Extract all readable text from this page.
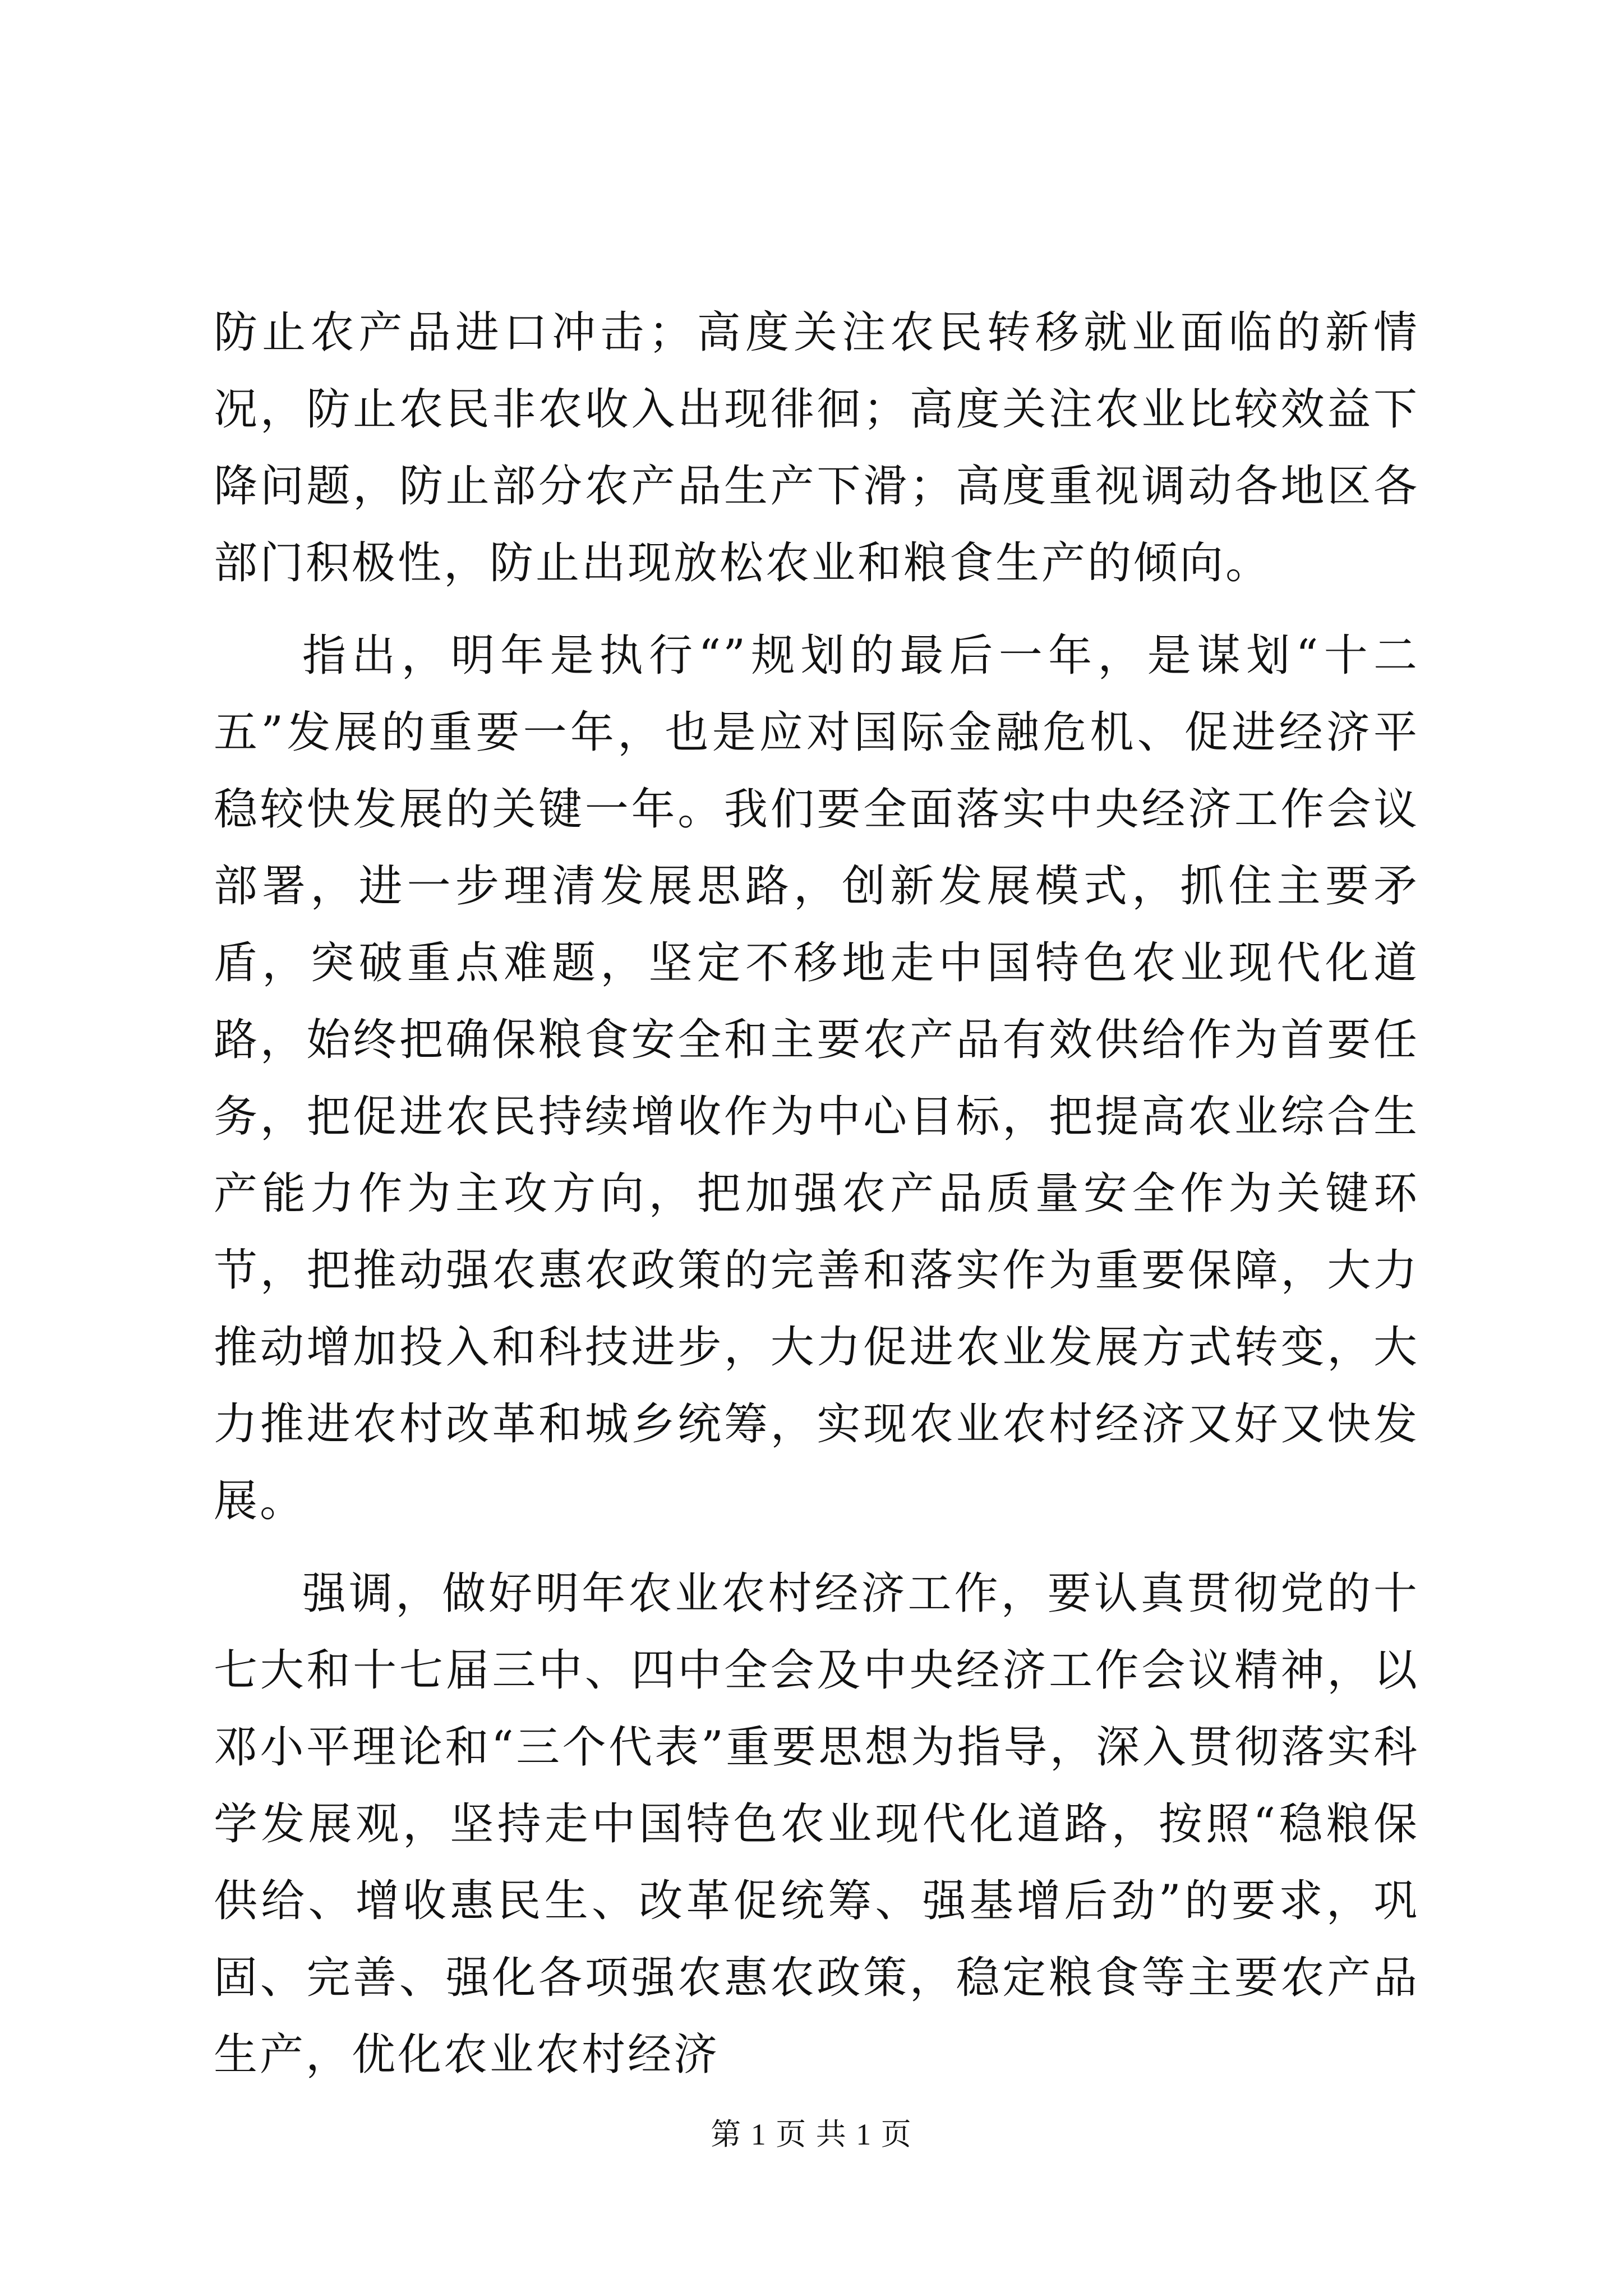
防止农产品进口冲击；高度关注农民转移就业面临的新情况，防止农民非农收入出现徘徊；高度关注农业比较效益下降问题，防止部分农产品生产下滑；高度重视调动各地区各部门积极性，防止出现放松农业和粮食生产的倾向。

指出，明年是执行“”规划的最后一年，是谋划“十二五”发展的重要一年，也是应对国际金融危机、促进经济平稳较快发展的关键一年。我们要全面落实中央经济工作会议部署，进一步理清发展思路，创新发展模式，抓住主要矛盾，突破重点难题，坚定不移地走中国特色农业现代化道路，始终把确保粮食安全和主要农产品有效供给作为首要任务，把促进农民持续增收作为中心目标，把提高农业综合生产能力作为主攻方向，把加强农产品质量安全作为关键环节，把推动强农惠农政策的完善和落实作为重要保障，大力推动增加投入和科技进步，大力促进农业发展方式转变，大力推进农村改革和城乡统筹，实现农业农村经济又好又快发展。

强调，做好明年农业农村经济工作，要认真贯彻党的十七大和十七届三中、四中全会及中央经济工作会议精神，以邓小平理论和“三个代表”重要思想为指导，深入贯彻落实科学发展观，坚持走中国特色农业现代化道路，按照“稳粮保供给、增收惠民生、改革促统筹、强基增后劲”的要求，巩固、完善、强化各项强农惠农政策，稳定粮食等主要农产品生产，优化农业农村经济

第 1 页 共 1 页
